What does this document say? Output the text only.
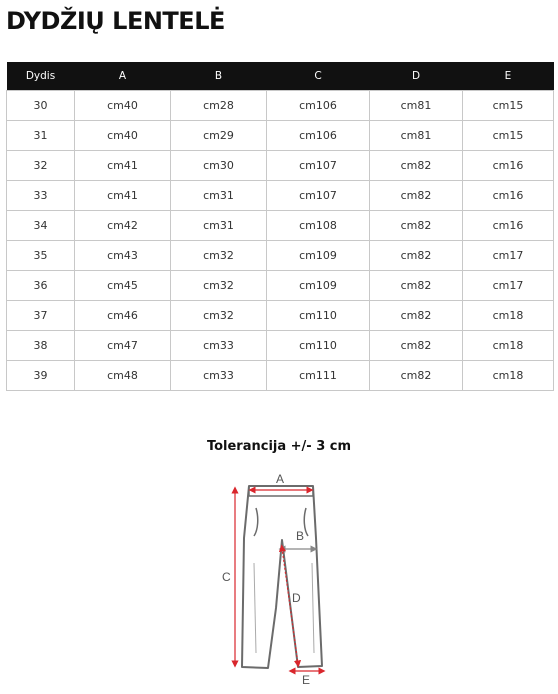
DYDŽIŲ LENTELĖ
Dydis	A	B	C	D	E
30	cm40	cm28	cm106	cm81	cm15
31	cm40	cm29	cm106	cm81	cm15
32	cm41	cm30	cm107	cm82	cm16
33	cm41	cm31	cm107	cm82	cm16
34	cm42	cm31	cm108	cm82	cm16
35	cm43	cm32	cm109	cm82	cm17
36	cm45	cm32	cm109	cm82	cm17
37	cm46	cm32	cm110	cm82	cm18
38	cm47	cm33	cm110	cm82	cm18
39	cm48	cm33	cm111	cm82	cm18
Tolerancija +/- 3 cm
A
B
C
D
E
